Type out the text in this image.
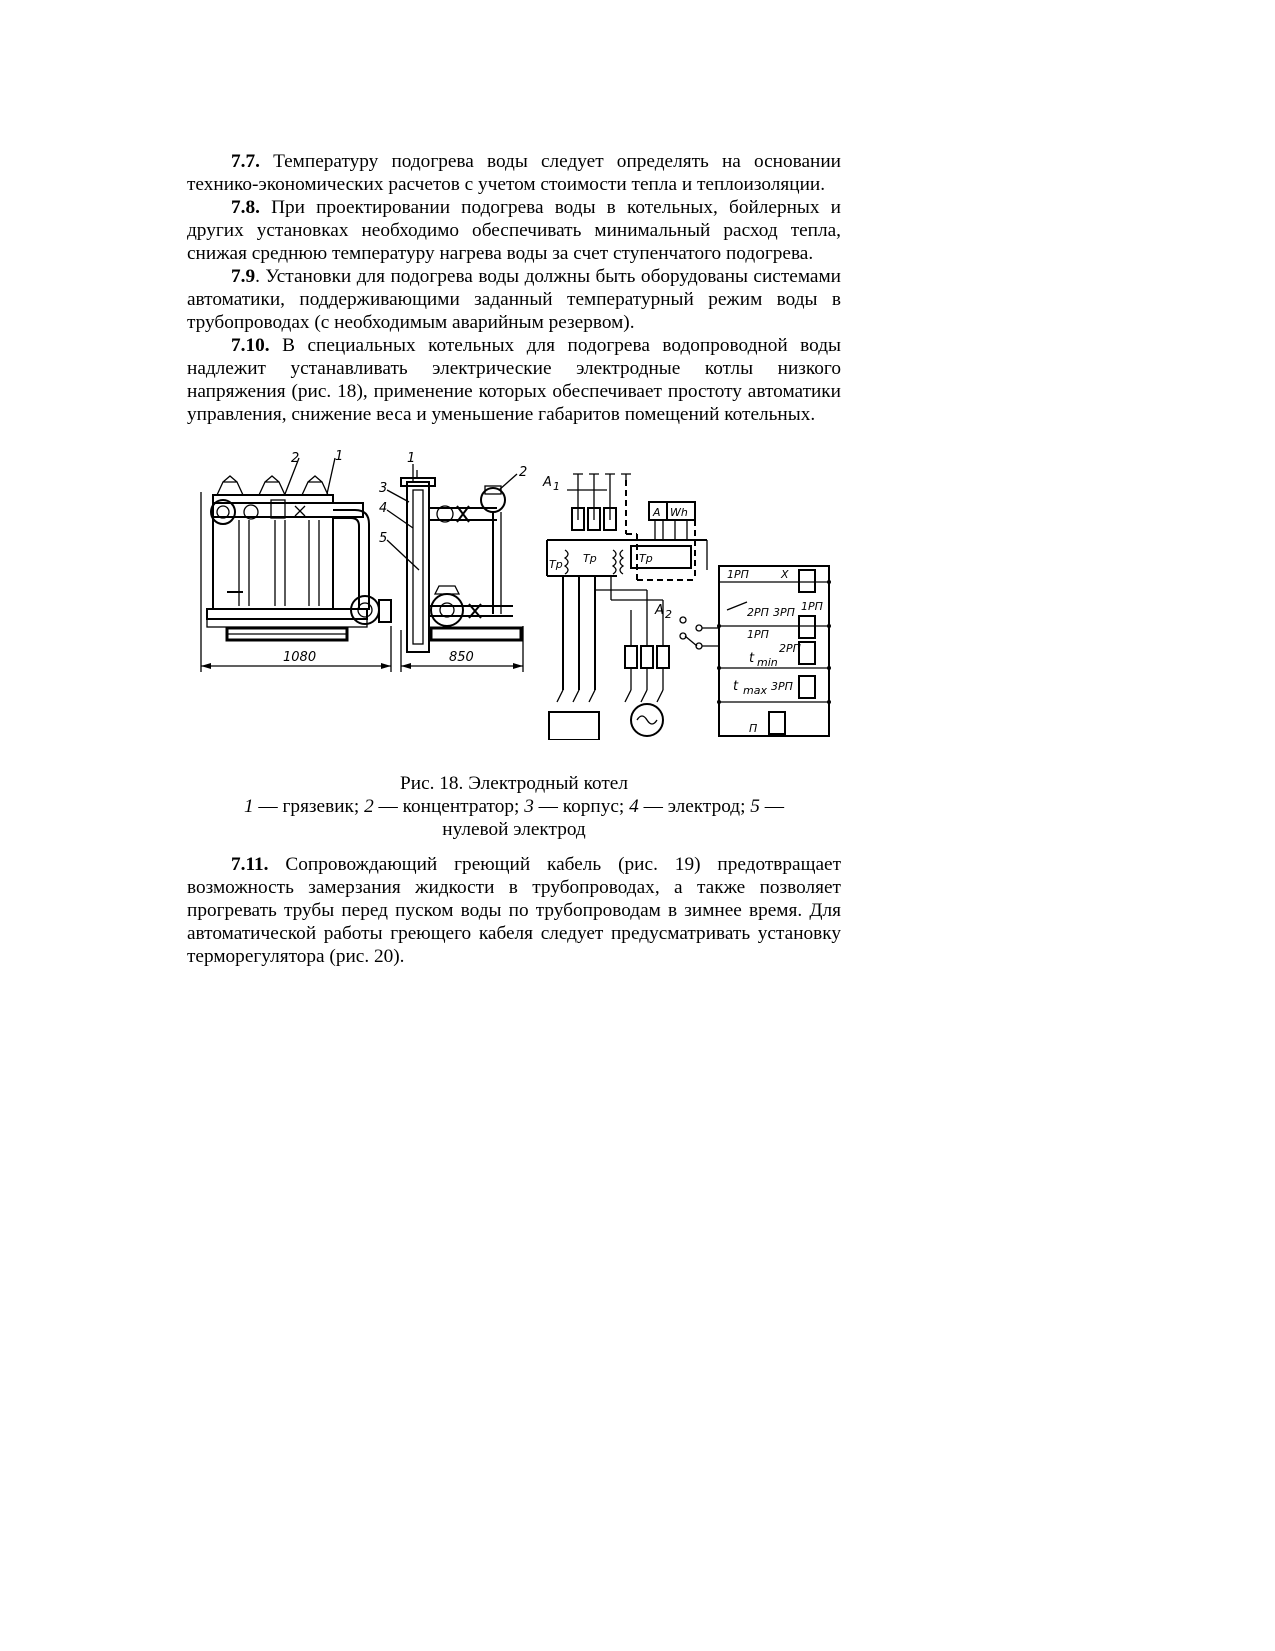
7.7. Температуру подогрева воды следует определять на основании технико-экономических расчетов с учетом стоимости тепла и теплоизоляции.

7.8. При проектировании подогрева воды в котельных, бойлерных и других установках необходимо обеспечивать минимальный расход тепла, снижая среднюю температуру нагрева воды за счет ступенчатого подогрева.

7.9. Установки для подогрева воды должны быть оборудованы системами автоматики, поддерживающими заданный температурный режим воды в трубопроводах (с необходимым аварийным резервом).

7.10. В специальных котельных для подогрева водопроводной воды надлежит устанавливать электрические электродные котлы низкого напряжения (рис. 18), применение которых обеспечивает простоту автоматики управления, снижение веса и уменьшение габаритов помещений котельных.

1080
2	1
850
1
2
3
4
5
A 1
A Wh
Тр Тр	Тр
A 2
1РП	X
2РП 3РП 1РП
1РП
t min
2РП
t max 3РП
П
Рис. 18. Электродный котел
1 — грязевик; 2 — концентратор; 3 — корпус; 4 — электрод; 5 — нулевой электрод

7.11. Сопровождающий греющий кабель (рис. 19) предотвращает возможность замерзания жидкости в трубопроводах, а также позволяет прогревать трубы перед пуском воды по трубопроводам в зимнее время. Для автоматической работы греющего кабеля следует предусматривать установку терморегулятора (рис. 20).
